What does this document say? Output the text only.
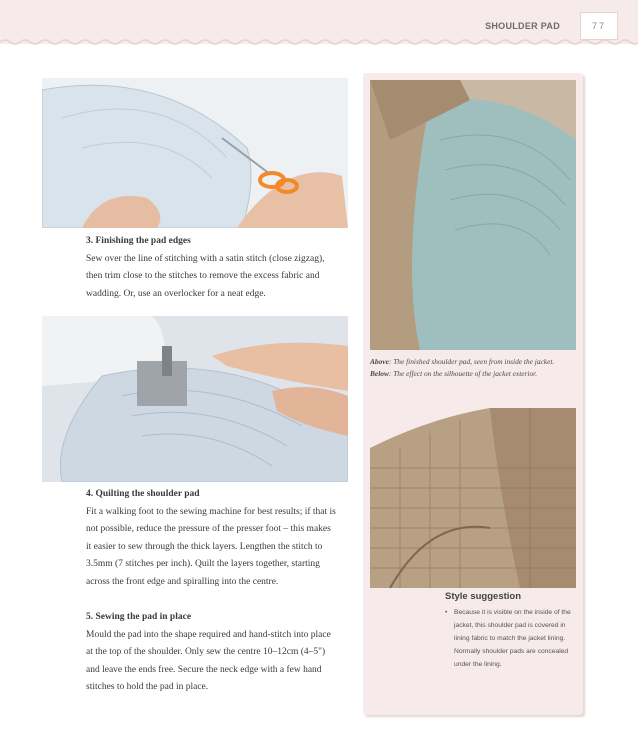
SHOULDER PAD	77
3. Finishing the pad edges
Sew over the line of stitching with a satin stitch (close zigzag), then trim close to the stitches to remove the excess fabric and wadding. Or, use an overlocker for a neat edge.
4. Quilting the shoulder pad
Fit a walking foot to the sewing machine for best results; if that is not possible, reduce the pressure of the presser foot – this makes it easier to sew through the thick layers. Lengthen the stitch to 3.5mm (7 stitches per inch). Quilt the layers together, starting across the front edge and spiralling into the centre.
5. Sewing the pad in place
Mould the pad into the shape required and hand-stitch into place at the top of the shoulder. Only sew the centre 10–12cm (4–5") and leave the ends free. Secure the neck edge with a few hand stitches to hold the pad in place.
Above: The finished shoulder pad, seen from inside the jacket. Below: The effect on the silhouette of the jacket exterior.
Style suggestion
• Because it is visible on the inside of the jacket, this shoulder pad is covered in lining fabric to match the jacket lining. Normally shoulder pads are concealed under the lining.
